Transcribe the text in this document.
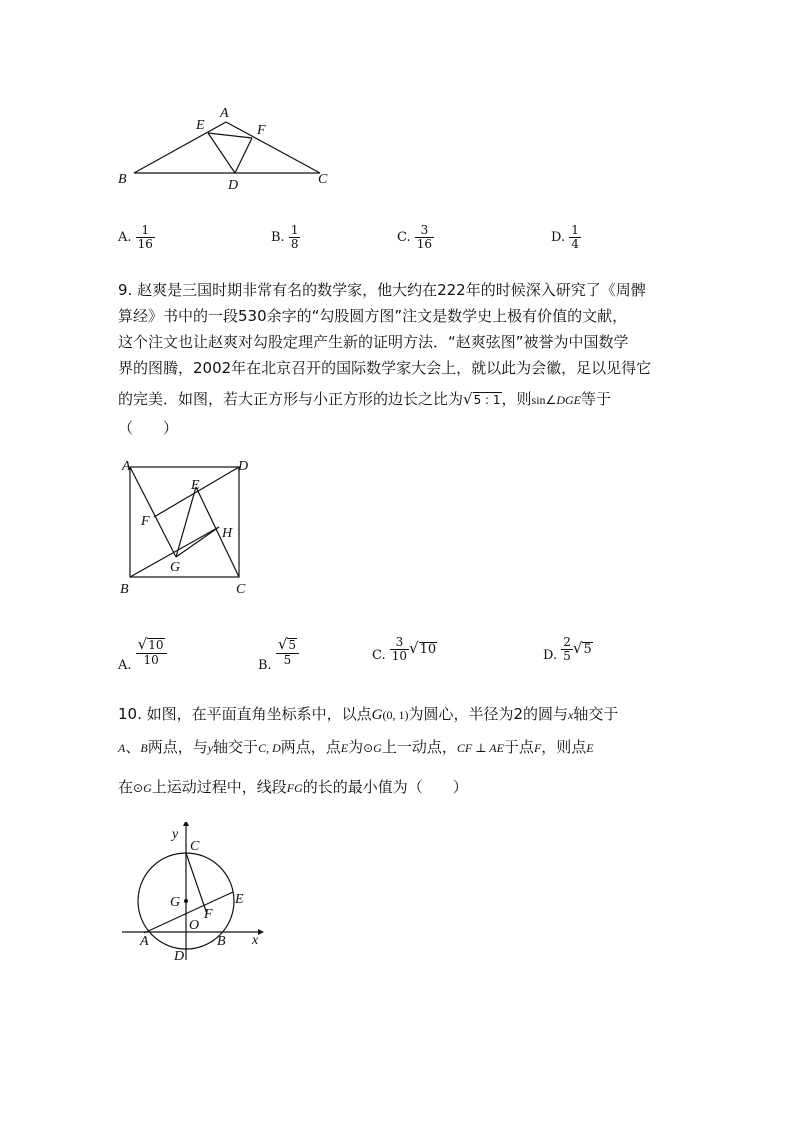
A
E	F
B	D	C
A. $\frac{1}{16}$	B. $\frac{1}{8}$	C. $\frac{3}{16}$	D. $\frac{1}{4}$
9. 赵爽是三国时期非常有名的数学家，他大约在222年的时候深入研究了《周髀
算经》书中的一段530余字的“勾股圆方图”注文是数学史上极有价值的文献，
这个注文也让赵爽对勾股定理产生新的证明方法．“赵爽弦图”被誉为中国数学
界的图腾，2002年在北京召开的国际数学家大会上，就以此为会徽，足以见得它
的完美．如图，若大正方形与小正方形的边长之比为√5 : 1，则sin∠DGE等于
（　　）
A	D
E
F
H
G
B	C
A. $\frac{√10}{10}$	B. $\frac{√5}{5}$	C. $\frac{3}{10} √10$	D. $\frac{2}{5} √5$
10. 如图，在平面直角坐标系中，以点G(0, 1)为圆心，半径为2的圆与x轴交于
A、B两点，与y轴交于C, D两点，点E为⊙G上一动点，CF ⊥ AE于点F，则点E
在⊙G上运动过程中，线段FG的长的最小值为（　　）
y
C
G	E
F
O
A	B x
D
